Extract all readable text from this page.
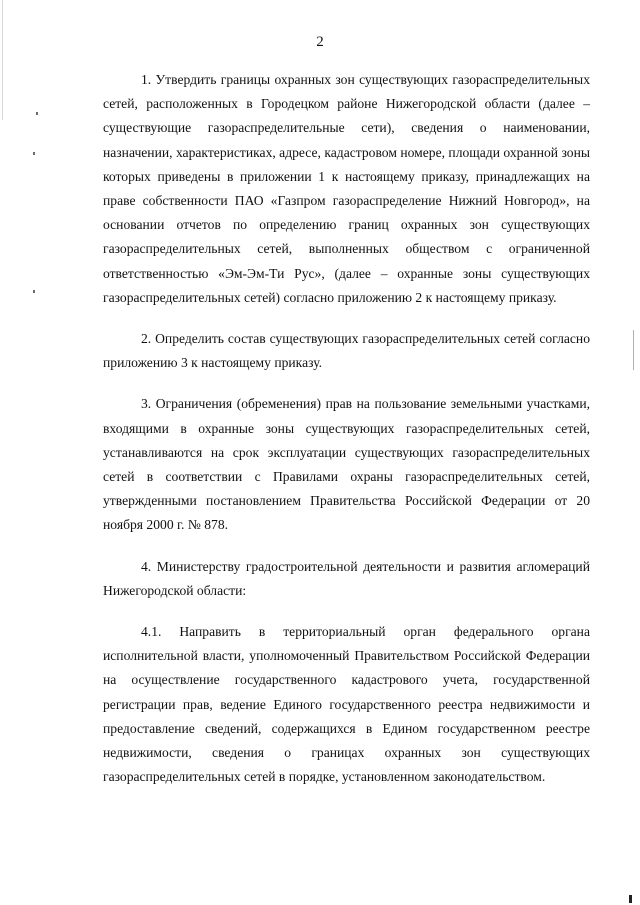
2

1. Утвердить границы охранных зон существующих газораспределительных сетей, расположенных в Городецком районе Нижегородской области (далее – существующие газораспределительные сети), сведения о наименовании, назначении, характеристиках, адресе, кадастровом номере, площади охранной зоны которых приведены в приложении 1 к настоящему приказу, принадлежащих на праве собственности ПАО «Газпром газораспределение Нижний Новгород», на основании отчетов по определению границ охранных зон существующих газораспределительных сетей, выполненных обществом с ограниченной ответственностью «Эм-Эм-Ти Рус», (далее – охранные зоны существующих газораспределительных сетей) согласно приложению 2 к настоящему приказу.

2. Определить состав существующих газораспределительных сетей согласно приложению 3 к настоящему приказу.

3. Ограничения (обременения) прав на пользование земельными участками, входящими в охранные зоны существующих газораспределительных сетей, устанавливаются на срок эксплуатации существующих газораспределительных сетей в соответствии с Правилами охраны газораспределительных сетей, утвержденными постановлением Правительства Российской Федерации от 20 ноября 2000 г. № 878.

4. Министерству градостроительной деятельности и развития агломераций Нижегородской области:

4.1. Направить в территориальный орган федерального органа исполнительной власти, уполномоченный Правительством Российской Федерации на осуществление государственного кадастрового учета, государственной регистрации прав, ведение Единого государственного реестра недвижимости и предоставление сведений, содержащихся в Едином государственном реестре недвижимости, сведения о границах охранных зон существующих газораспределительных сетей в порядке, установленном законодательством.
